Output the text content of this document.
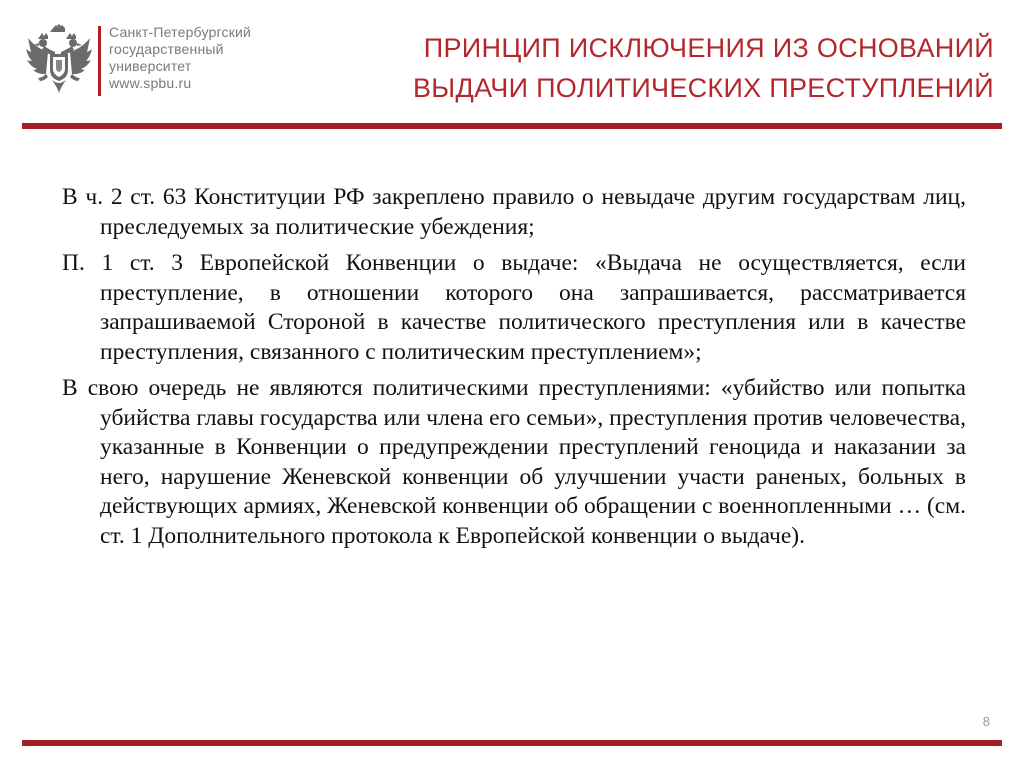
Санкт-Петербургский
государственный
университет
www.spbu.ru
ПРИНЦИП ИСКЛЮЧЕНИЯ ИЗ ОСНОВАНИЙ
ВЫДАЧИ ПОЛИТИЧЕСКИХ ПРЕСТУПЛЕНИЙ

В ч. 2 ст. 63 Конституции РФ закреплено правило о невыдаче другим государствам лиц, преследуемых за политические убеждения;

П. 1 ст. 3 Европейской Конвенции о выдаче: «Выдача не осуществляется, если преступление, в отношении которого она запрашивается, рассматривается запрашиваемой Стороной в качестве политического преступления или в качестве преступления, связанного с политическим преступлением»;

В свою очередь не являются политическими преступлениями: «убийство или попытка убийства главы государства или члена его семьи», преступления против человечества, указанные в Конвенции о предупреждении преступлений геноцида и наказании за него, нарушение Женевской конвенции об улучшении участи раненых, больных в действующих армиях, Женевской конвенции об обращении с военнопленными … (см. ст. 1 Дополнительного протокола к Европейской конвенции о выдаче).

8
